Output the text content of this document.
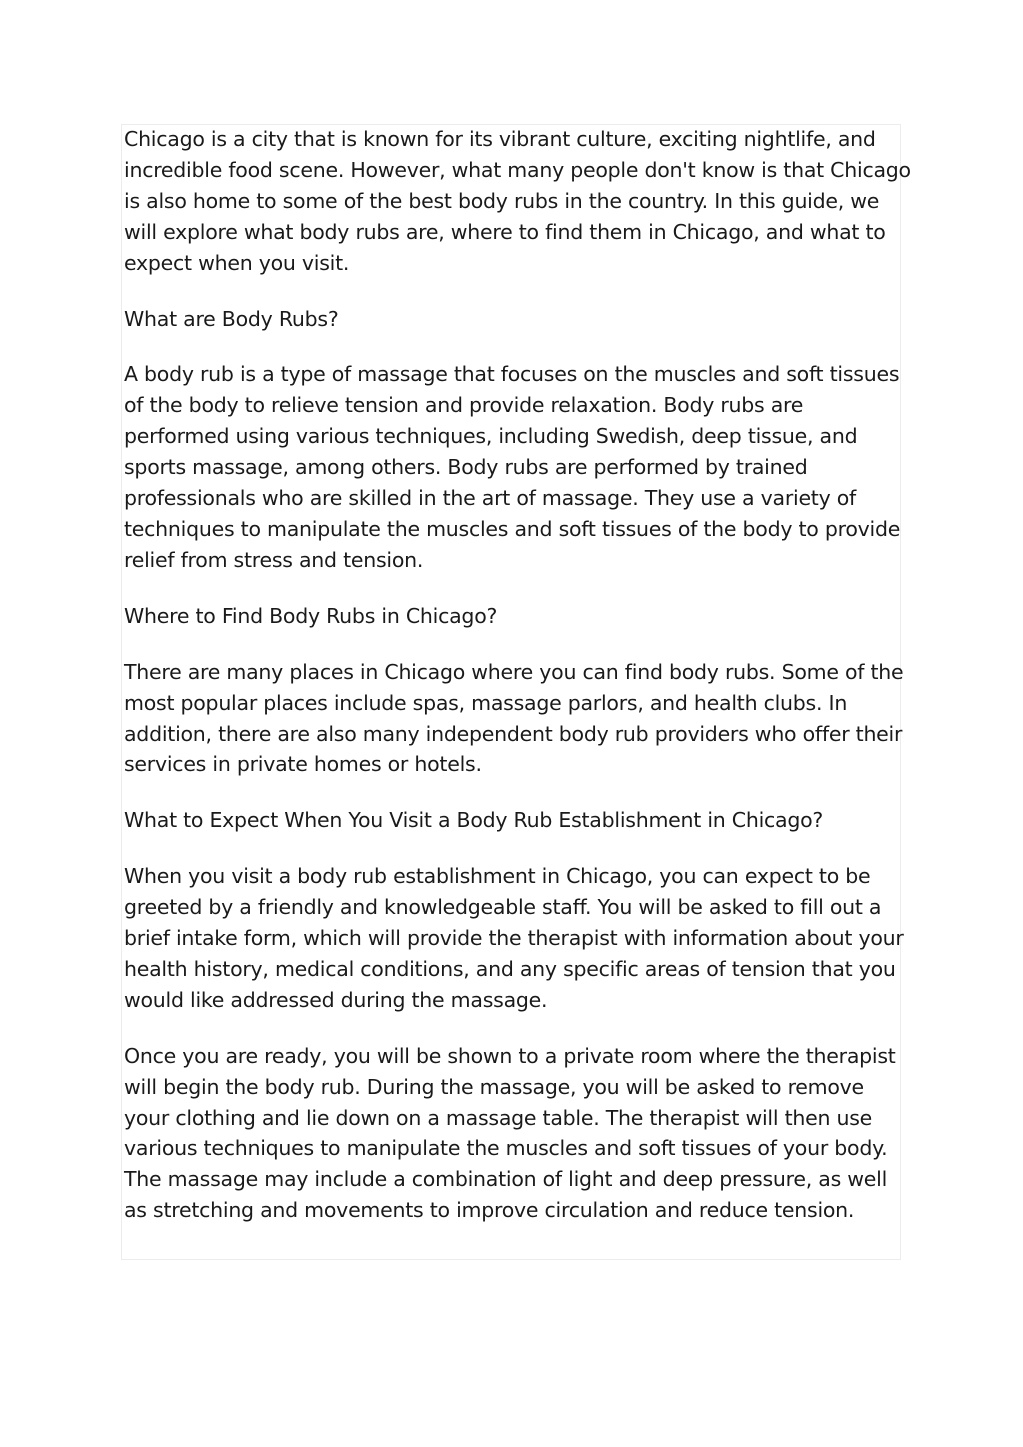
Chicago is a city that is known for its vibrant culture, exciting nightlife, and incredible food scene. However, what many people don't know is that Chicago is also home to some of the best body rubs in the country. In this guide, we will explore what body rubs are, where to find them in Chicago, and what to expect when you visit.

What are Body Rubs?

A body rub is a type of massage that focuses on the muscles and soft tissues of the body to relieve tension and provide relaxation. Body rubs are performed using various techniques, including Swedish, deep tissue, and sports massage, among others. Body rubs are performed by trained professionals who are skilled in the art of massage. They use a variety of techniques to manipulate the muscles and soft tissues of the body to provide relief from stress and tension.

Where to Find Body Rubs in Chicago?

There are many places in Chicago where you can find body rubs. Some of the most popular places include spas, massage parlors, and health clubs. In addition, there are also many independent body rub providers who offer their services in private homes or hotels.

What to Expect When You Visit a Body Rub Establishment in Chicago?

When you visit a body rub establishment in Chicago, you can expect to be greeted by a friendly and knowledgeable staff. You will be asked to fill out a brief intake form, which will provide the therapist with information about your health history, medical conditions, and any specific areas of tension that you would like addressed during the massage.

Once you are ready, you will be shown to a private room where the therapist will begin the body rub. During the massage, you will be asked to remove your clothing and lie down on a massage table. The therapist will then use various techniques to manipulate the muscles and soft tissues of your body. The massage may include a combination of light and deep pressure, as well as stretching and movements to improve circulation and reduce tension.
